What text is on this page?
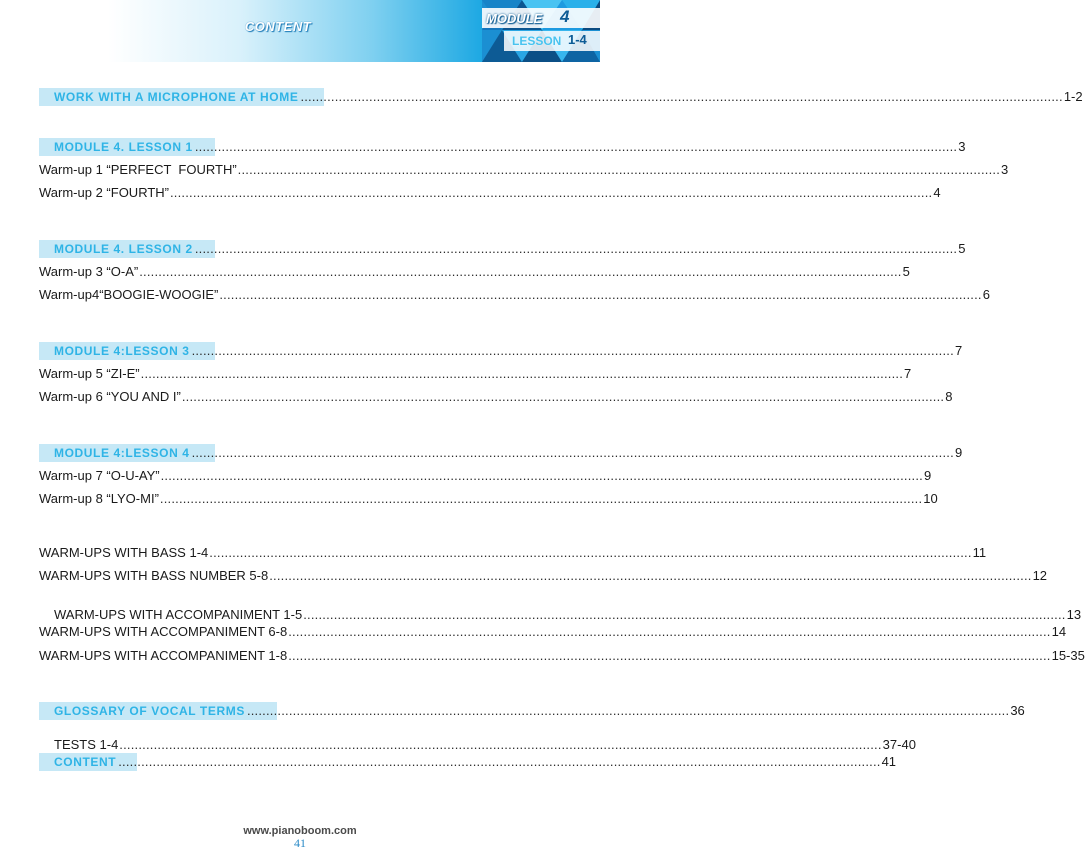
CONTENT
MODULE 4
LESSON 1-4
WORK WITH A MICROPHONE AT HOME ........................................................................................................................................................................................................ 1-2
MODULE 4. LESSON 1 ........................................................................................................................................................................................................ 3
Warm-up 1 “PERFECT  FOURTH” ........................................................................................................................................................................................................ 3
Warm-up 2 “FOURTH” ........................................................................................................................................................................................................ 4
MODULE 4. LESSON 2 ........................................................................................................................................................................................................ 5
Warm-up 3 “O-A” ........................................................................................................................................................................................................ 5
Warm-up4“BOOGIE-WOOGIE” ........................................................................................................................................................................................................ 6
MODULE 4:LESSON 3 ........................................................................................................................................................................................................ 7
Warm-up 5 “ZI-E” ........................................................................................................................................................................................................ 7
Warm-up 6 “YOU AND I” ........................................................................................................................................................................................................ 8
MODULE 4:LESSON 4 ........................................................................................................................................................................................................ 9
Warm-up 7 “O-U-AY” ........................................................................................................................................................................................................ 9
Warm-up 8 “LYO-MI” ........................................................................................................................................................................................................ 10
WARM-UPS WITH BASS 1-4 ........................................................................................................................................................................................................ 11
WARM-UPS WITH BASS NUMBER 5-8 ........................................................................................................................................................................................................ 12
WARM-UPS WITH ACCOMPANIMENT 1-5 ........................................................................................................................................................................................................ 13
WARM-UPS WITH ACCOMPANIMENT 6-8 ........................................................................................................................................................................................................ 14
WARM-UPS WITH ACCOMPANIMENT 1-8 ........................................................................................................................................................................................................ 15-35
GLOSSARY OF VOCAL TERMS ........................................................................................................................................................................................................ 36
TESTS 1-4 ........................................................................................................................................................................................................ 37-40
CONTENT ........................................................................................................................................................................................................ 41
www.pianoboom.com
41
